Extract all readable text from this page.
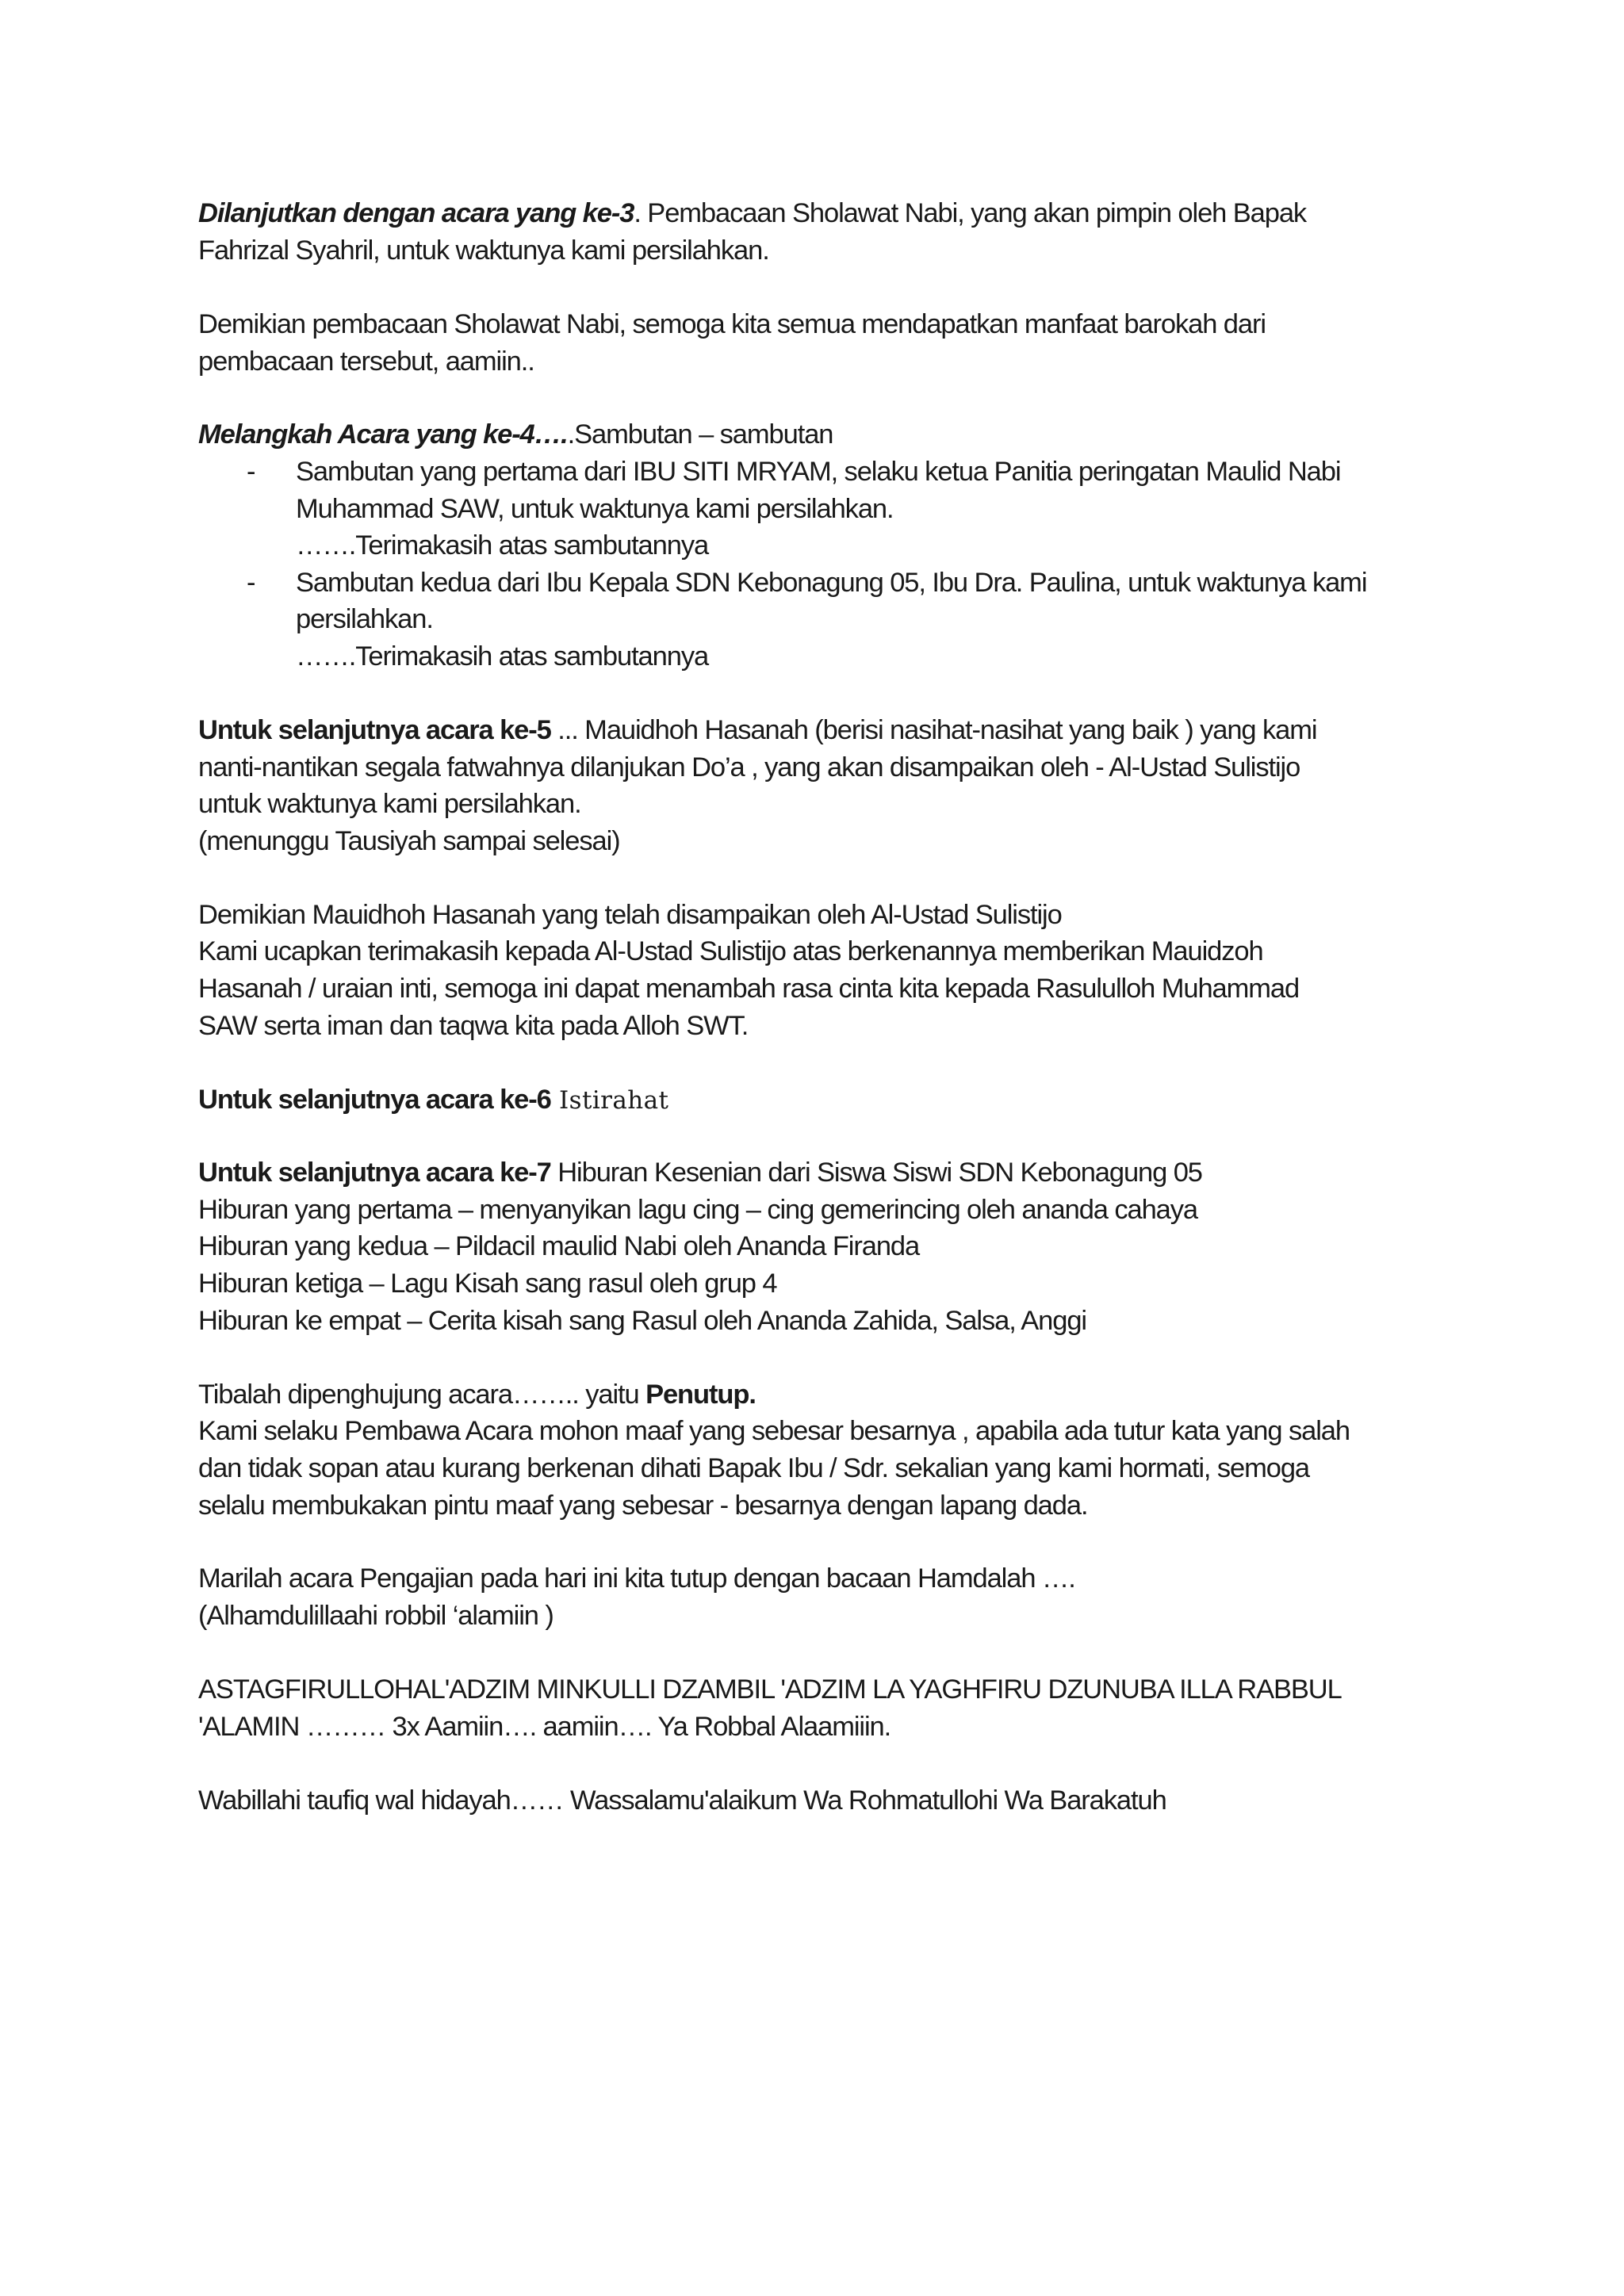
Dilanjutkan dengan acara yang ke-3. Pembacaan Sholawat Nabi, yang akan pimpin oleh Bapak
Fahrizal Syahril, untuk waktunya kami persilahkan.
Demikian pembacaan Sholawat Nabi, semoga kita semua mendapatkan manfaat barokah dari
pembacaan tersebut, aamiin..
Melangkah Acara yang ke-4…..Sambutan – sambutan
- Sambutan yang pertama dari IBU SITI MRYAM, selaku ketua Panitia peringatan Maulid Nabi
Muhammad SAW, untuk waktunya kami persilahkan.
…….Terimakasih atas sambutannya
- Sambutan kedua dari Ibu Kepala SDN Kebonagung 05, Ibu Dra. Paulina, untuk waktunya kami
persilahkan.
…….Terimakasih atas sambutannya
Untuk selanjutnya acara ke-5 ... Mauidhoh Hasanah (berisi nasihat-nasihat yang baik ) yang kami
nanti-nantikan segala fatwahnya dilanjukan Do’a , yang akan disampaikan oleh - Al-Ustad Sulistijo
untuk waktunya kami persilahkan.
(menunggu Tausiyah sampai selesai)
Demikian Mauidhoh Hasanah yang telah disampaikan oleh Al-Ustad Sulistijo
Kami ucapkan terimakasih kepada Al-Ustad Sulistijo atas berkenannya memberikan Mauidzoh
Hasanah / uraian inti, semoga ini dapat menambah rasa cinta kita kepada Rasululloh Muhammad
SAW serta iman dan taqwa kita pada Alloh SWT.
Untuk selanjutnya acara ke-6 Istirahat
Untuk selanjutnya acara ke-7 Hiburan Kesenian dari Siswa Siswi SDN Kebonagung 05
Hiburan yang pertama – menyanyikan lagu cing – cing gemerincing oleh ananda cahaya
Hiburan yang kedua – Pildacil maulid Nabi oleh Ananda Firanda
Hiburan ketiga – Lagu Kisah sang rasul oleh grup 4
Hiburan ke empat – Cerita kisah sang Rasul oleh Ananda Zahida, Salsa, Anggi
Tibalah dipenghujung acara…….. yaitu Penutup.
Kami selaku Pembawa Acara mohon maaf yang sebesar besarnya , apabila ada tutur kata yang salah
dan tidak sopan atau kurang berkenan dihati Bapak Ibu / Sdr. sekalian yang kami hormati, semoga
selalu membukakan pintu maaf yang sebesar - besarnya dengan lapang dada.
Marilah acara Pengajian pada hari ini kita tutup dengan bacaan Hamdalah ….
(Alhamdulillaahi robbil ‘alamiin )
ASTAGFIRULLOHAL'ADZIM MINKULLI DZAMBIL 'ADZIM LA YAGHFIRU DZUNUBA ILLA RABBUL
'ALAMIN ……… 3x Aamiin…. aamiin…. Ya Robbal Alaamiiin.
Wabillahi taufiq wal hidayah…… Wassalamu'alaikum Wa Rohmatullohi Wa Barakatuh
